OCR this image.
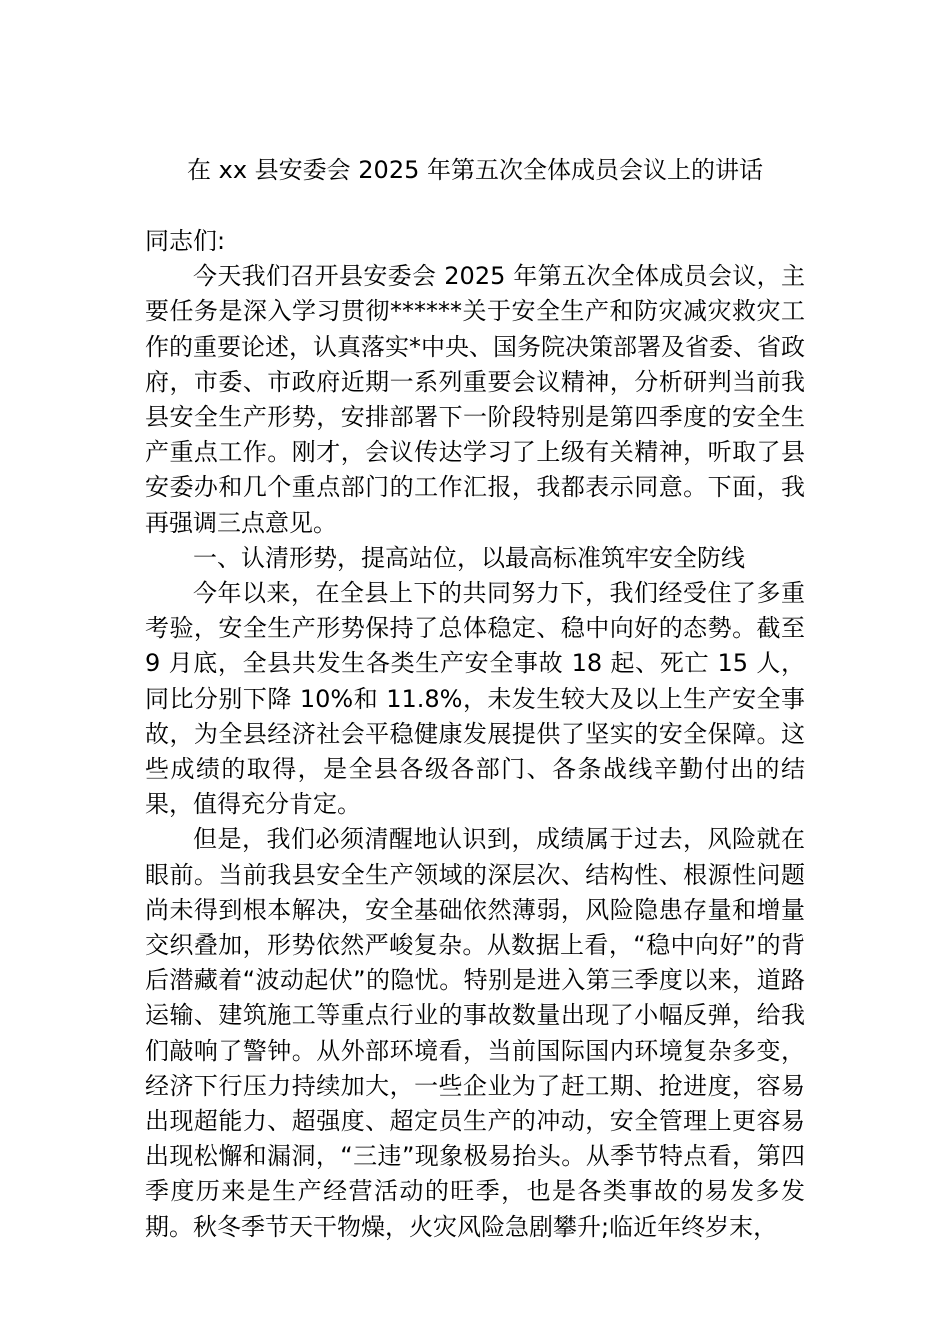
在 xx 县安委会 2025 年第五次全体成员会议上的讲话

同志们:

今天我们召开县安委会 2025 年第五次全体成员会议，主要任务是深入学习贯彻******关于安全生产和防灾减灾救灾工作的重要论述，认真落实*中央、国务院决策部署及省委、省政府，市委、市政府近期一系列重要会议精神，分析研判当前我县安全生产形势，安排部署下一阶段特别是第四季度的安全生产重点工作。刚才，会议传达学习了上级有关精神，听取了县安委办和几个重点部门的工作汇报，我都表示同意。下面，我再强调三点意见。

一、认清形势，提高站位，以最高标准筑牢安全防线

今年以来，在全县上下的共同努力下，我们经受住了多重考验，安全生产形势保持了总体稳定、稳中向好的态勢。截至 9 月底，全县共发生各类生产安全事故 18 起、死亡 15 人，同比分别下降 10%和 11.8%，未发生较大及以上生产安全事故，为全县经济社会平稳健康发展提供了坚实的安全保障。这些成绩的取得，是全县各级各部门、各条战线辛勤付出的结果，值得充分肯定。

但是，我们必须清醒地认识到，成绩属于过去，风险就在眼前。当前我县安全生产领域的深层次、结构性、根源性问题尚未得到根本解决，安全基础依然薄弱，风险隐患存量和增量交织叠加，形势依然严峻复杂。从数据上看，“稳中向好”的背后潜藏着“波动起伏”的隐忧。特别是进入第三季度以来，道路运输、建筑施工等重点行业的事故数量出现了小幅反弹，给我们敲响了警钟。从外部环境看，当前国际国内环境复杂多变，经济下行压力持续加大，一些企业为了赶工期、抢进度，容易出现超能力、超强度、超定员生产的冲动，安全管理上更容易出现松懈和漏洞，“三违”现象极易抬头。从季节特点看，第四季度历来是生产经营活动的旺季，也是各类事故的易发多发期。秋冬季节天干物燥，火灾风险急剧攀升;临近年终岁末，
